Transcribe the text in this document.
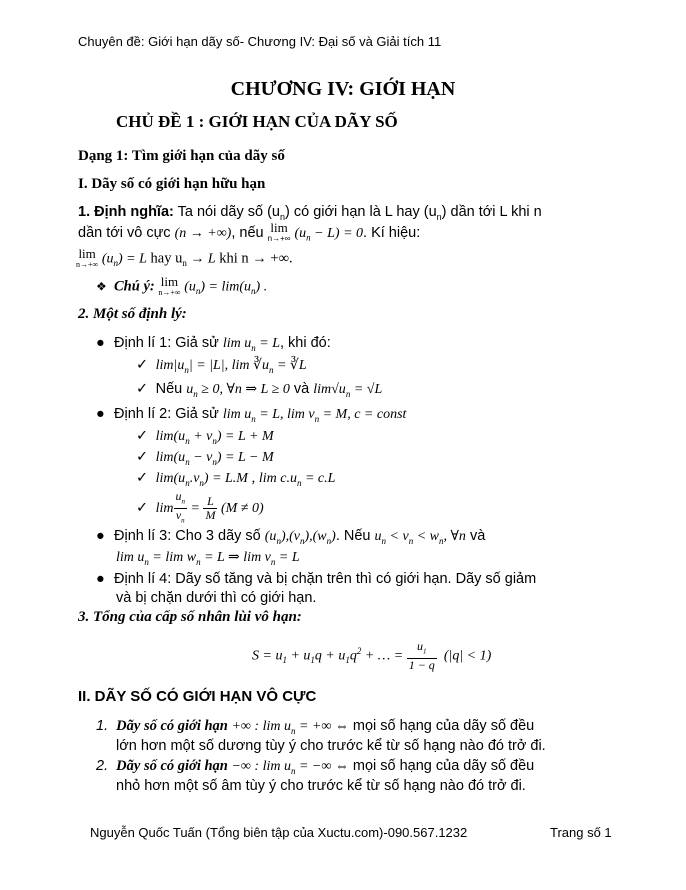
Chuyên đề: Giới hạn dãy số- Chương IV: Đại số và Giải tích 11
CHƯƠNG IV: GIỚI HẠN
CHỦ ĐỀ 1 : GIỚI HẠN CỦA DÃY SỐ
Dạng 1: Tìm giới hạn của dãy số
I. Dãy số có giới hạn hữu hạn
1. Định nghĩa: Ta nói dãy số $(u_n)$ có giới hạn là L hay $(u_n)$ dần tới L khi n
dần tới vô cực (n → +∞), nếu lim
n→+∞ $(u_n - L) = 0$. Kí hiệu:
lim
n→+∞ $(u_n) = L$ hay $u_n \to L$ khi n → +∞.
❖ Chú ý: lim
n→+∞ $(u_n) = \lim(u_n)$ .
2. Một số định lý:
● Định lí 1: Giả sử $\lim u_n = L$, khi đó:
✓ $\lim|u_n| = |L|$, $\lim ∛u_n$ = ∛L
✓ Nếu $u_n \ge 0$, ∀n ⇒ L ≥ 0 và $\lim√u_n = √L$
● Định lí 2: Giả sử $\lim u_n = L$, $\lim v_n = M$, c = const
✓ $\lim(u_n + v_n) = L + M$
✓ $\lim(u_n - v_n) = L - M$
✓ $\lim(u_n.v_n) = L.M$ , $\lim c.u_n = c.L$
✓ $\lim \frac{u_n}{v_n} = \frac{L}{M} (M \ne 0)$
● Định lí 3: Cho 3 dãy số $(u_n),(v_n),(w_n)$. Nếu $u_n < v_n < w_n$, ∀n và
$\lim u_n = \lim w_n = L$ ⇒ $\lim v_n = L$
● Định lí 4: Dãy số tăng và bị chặn trên thì có giới hạn. Dãy số giảm
và bị chặn dưới thì có giới hạn.
3. Tổng của cấp số nhân lùi vô hạn:
$S = u_1 + u_1q + u_1q^2$ + … = $\frac{u_1}{1 - q} (|q| < 1)$
II. DÃY SỐ CÓ GIỚI HẠN VÔ CỰC
1. Dãy số có giới hạn +∞ : $\lim u_n$ = +∞ ⇔ mọi số hạng của dãy số đều
lớn hơn một số dương tùy ý cho trước kể từ số hạng nào đó trở đi.
2. Dãy số có giới hạn −∞ : $\lim u_n$ = −∞ ⇔ mọi số hạng của dãy số đều
nhỏ hơn một số âm tùy ý cho trước kể từ số hạng nào đó trở đi.
Nguyễn Quốc Tuấn (Tổng biên tập của Xuctu.com)-090.567.1232	Trang số 1
